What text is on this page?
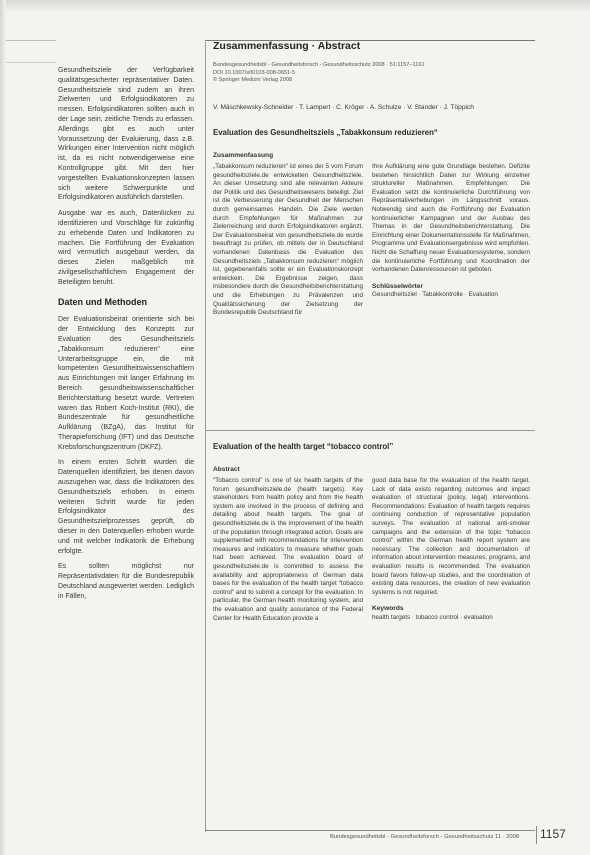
Gesundheitsziele der Verfügbarkeit qualitätsgesicherter repräsentativer Daten. Gesundheitsziele sind zudem an ihren Zielwerten und Erfolgsindikatoren zu messen. Erfolgsindikatoren sollten auch in der Lage sein, zeitliche Trends zu erfassen. Allerdings gibt es auch unter Voraussetzung der Evaluierung, dass z.B. Wirkungen einer Intervention nicht möglich ist, da es nicht notwendigerweise eine Kontrollgruppe gibt. Mit den hier vorgestellten Evaluationskonzepten lassen sich weitere Schwerpunkte und Erfolgsindikatoren ausführlich darstellen.

Ausgabe war es auch, Datenlücken zu identifizieren und Vorschläge für zukünftig zu erhebende Daten und Indikatoren zu machen. Die Fortführung der Evaluation wird vermutlich ausgebaut werden, da dieses Zielen maßgeblich mit zivilgesellschaftlichem Engagement der Beteiligten beruht.

Daten und Methoden

Der Evaluationsbeirat orientierte sich bei der Entwicklung des Konzepts zur Evaluation des Gesundheitsziels „Tabakkonsum reduzieren“ eine Unterarbeitsgruppe ein, die mit kompetenten Gesundheitswissenschaftlern aus Einrichtungen mit langer Erfahrung im Bereich gesundheitswissenschaftlicher Berichterstattung besetzt wurde. Vertreten waren das Robert Koch-Institut (RKI), die Bundeszentrale für gesundheitliche Aufklärung (BZgA), das Institut für Therapieforschung (IFT) und das Deutsche Krebsforschungszentrum (DKFZ).

In einem ersten Schritt wurden die Datenquellen identifiziert, bei denen davon auszugehen war, dass die Indikatoren des Gesundheitsziels erhoben. In einem weiteren Schritt wurde für jeden Erfolgsindikator des Gesundheitszielprozesses geprüft, ob dieser in den Datenquellen erhoben wurde und mit welcher Indikatorik die Erhebung erfolgte.

Es sollten möglichst nur Repräsentativdaten für die Bundesrepublik Deutschland ausgewertet werden. Lediglich in Fällen,

Zusammenfassung · Abstract
Bundesgesundheitsbl - Gesundheitsforsch - Gesundheitsschutz 2008 · 51:1157–1161
DOI 10.1007/s00103-008-0651-5
© Springer Medizin Verlag 2008
V. Mäschkewsky-Schneider · T. Lampert · C. Kröger · A. Schulze · V. Stander · J. Töppich
Evaluation des Gesundheitsziels „Tabakkonsum reduzieren“
Zusammenfassung

„Tabakkonsum reduzieren“ ist eines der 5 vom Forum gesundheitsziele.de entwickelten Gesundheitsziele. An dieser Umsetzung sind alle relevanten Akteure der Politik und des Gesundheitswesens beteiligt. Ziel ist die Verbesserung der Gesundheit der Menschen durch gemeinsames Handeln. Die Ziele werden durch Empfehlungen für Maßnahmen zur Zielerreichung und durch Erfolgsindikatoren ergänzt. Der Evaluationsbeirat von gesundheitsziele.de wurde beauftragt zu prüfen, ob mittels der in Deutschland vorhandenen Datenbasis die Evaluation des Gesundheitsziels „Tabakkonsum reduzieren“ möglich ist, gegebenenfalls sollte er ein Evaluationskonzept entwickeln. Die Ergebnisse zeigen, dass insbesondere durch die Gesundheitsberichterstattung und die Erhebungen zu Prävalenzen und Qualitätssicherung der Zielsetzung der Bundesrepublik Deutschland für

Ihre Aufklärung eine gute Grundlage bestehen. Defizite bestehen hinsichtlich Daten zur Wirkung einzelner struktureller Maßnahmen. Empfehlungen: Die Evaluation setzt die kontinuierliche Durchführung von Repräsentativerhebungen im Längsschnitt voraus. Notwendig sind auch die Fortführung der Evaluation kontinuierlicher Kampagnen und der Ausbau des Themas in der Gesundheitsberichterstattung. Die Einrichtung einer Dokumentationsstelle für Maßnahmen, Programme und Evaluationsergebnisse wird empfohlen. Nicht die Schaffung neuer Evaluationssysteme, sondern die kontinuierliche Fortführung und Koordination der vorhandenen Datenressourcen ist geboten.

Schlüsselwörter

Gesundheitsziel · Tabakkontrolle · Evaluation

Evaluation of the health target “tobacco control”
Abstract

“Tobacco control” is one of six health targets of the forum gesundheitsziele.de (health targets). Key stakeholders from health policy and from the health system are involved in the process of defining and detailing about health targets. The goal of gesundheitsziele.de is the improvement of the health of the population through integrated action. Goals are supplemented with recommendations for intervention measures and indicators to measure whether goals had been achieved. The evaluation board of gesundheitsziele.de is committed to assess the availability and appropriateness of German data bases for the evaluation of the health target “tobacco control” and to submit a concept for the evaluation. In particular, the German health monitoring system, and the evaluation and quality assurance of the Federal Center for Health Education provide a

good data base for the evaluation of the health target. Lack of data exists regarding outcomes and impact evaluation of structural (policy, legal) interventions. Recommendations: Evaluation of health targets requires continuing conduction of representative population surveys. The evaluation of national anti-smoker campaigns and the extension of the topic “tobacco control” within the German health report system are necessary. The collection and documentation of information about intervention measures, programs, and evaluation results is recommended. The evaluation board favors follow-up studies, and the coordination of existing data resources, the creation of new evaluation systems is not required.

Keywords

health targets · tobacco control · evaluation

Bundesgesundheitsbl - Gesundheitsforsch - Gesundheitsschutz 11 · 2008 1157
